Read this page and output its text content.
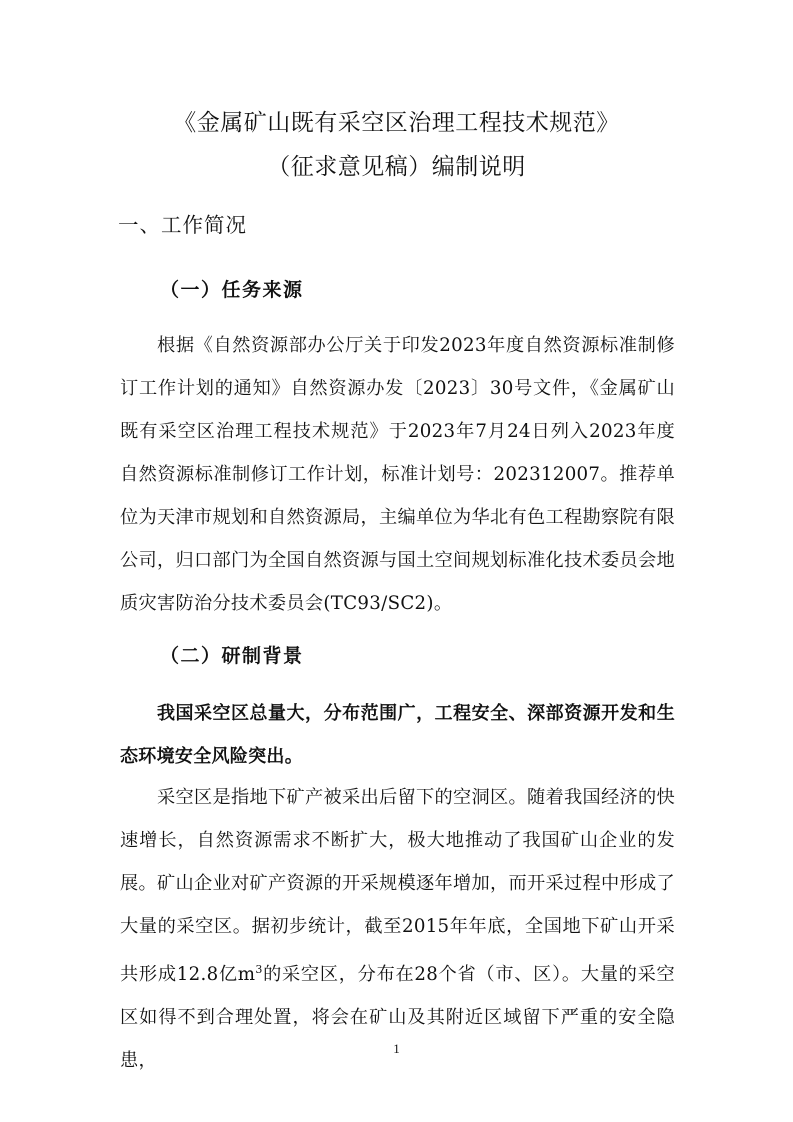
《金属矿山既有采空区治理工程技术规范》
（征求意见稿）编制说明
一、工作简况
（一）任务来源

根据《自然资源部办公厅关于印发2023年度自然资源标准制修订工作计划的通知》自然资源办发〔2023〕30号文件，《金属矿山既有采空区治理工程技术规范》于2023年7月24日列入2023年度自然资源标准制修订工作计划，标准计划号：202312007。推荐单位为天津市规划和自然资源局，主编单位为华北有色工程勘察院有限公司，归口部门为全国自然资源与国土空间规划标准化技术委员会地质灾害防治分技术委员会(TC93/SC2)。

（二）研制背景

我国采空区总量大，分布范围广，工程安全、深部资源开发和生态环境安全风险突出。

采空区是指地下矿产被采出后留下的空洞区。随着我国经济的快速增长，自然资源需求不断扩大，极大地推动了我国矿山企业的发展。矿山企业对矿产资源的开采规模逐年增加，而开采过程中形成了大量的采空区。据初步统计，截至2015年年底，全国地下矿山开采共形成12.8亿$m^3$的采空区，分布在28个省（市、区）。大量的采空区如得不到合理处置，将会在矿山及其附近区域留下严重的安全隐患，

1
